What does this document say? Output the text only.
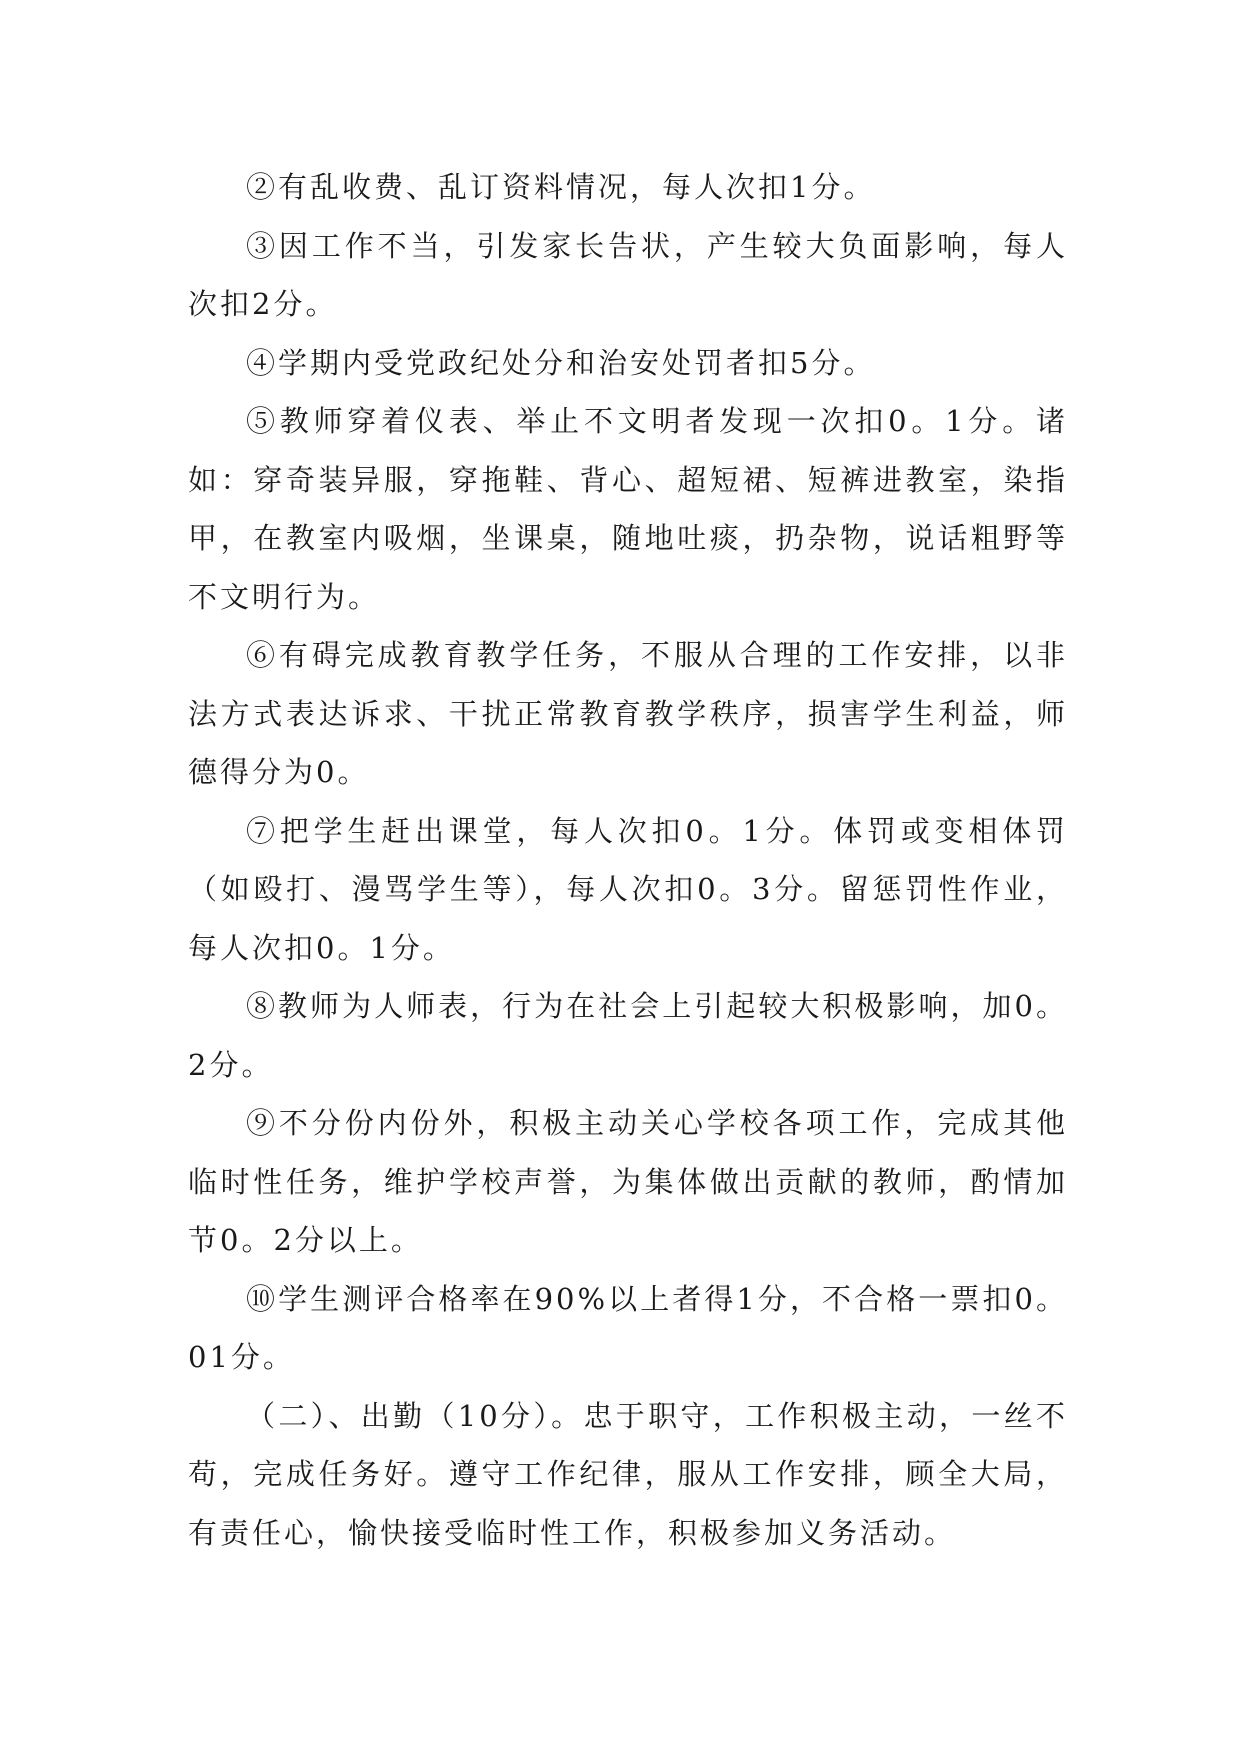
②有乱收费、乱订资料情况，每人次扣1分。

③因工作不当，引发家长告状，产生较大负面影响，每人次扣2分。

④学期内受党政纪处分和治安处罚者扣5分。

⑤教师穿着仪表、举止不文明者发现一次扣0。1分。诸如：穿奇装异服，穿拖鞋、背心、超短裙、短裤进教室，染指甲，在教室内吸烟，坐课桌，随地吐痰，扔杂物，说话粗野等不文明行为。

⑥有碍完成教育教学任务，不服从合理的工作安排，以非法方式表达诉求、干扰正常教育教学秩序，损害学生利益，师德得分为0。

⑦把学生赶出课堂，每人次扣0。1分。体罚或变相体罚（如殴打、漫骂学生等），每人次扣0。3分。留惩罚性作业，每人次扣0。1分。

⑧教师为人师表，行为在社会上引起较大积极影响，加0。2分。

⑨不分份内份外，积极主动关心学校各项工作，完成其他临时性任务，维护学校声誉，为集体做出贡献的教师，酌情加节0。2分以上。

⑩学生测评合格率在90%以上者得1分，不合格一票扣0。01分。

（二）、出勤（10分）。忠于职守，工作积极主动，一丝不苟，完成任务好。遵守工作纪律，服从工作安排，顾全大局，有责任心，愉快接受临时性工作，积极参加义务活动。
